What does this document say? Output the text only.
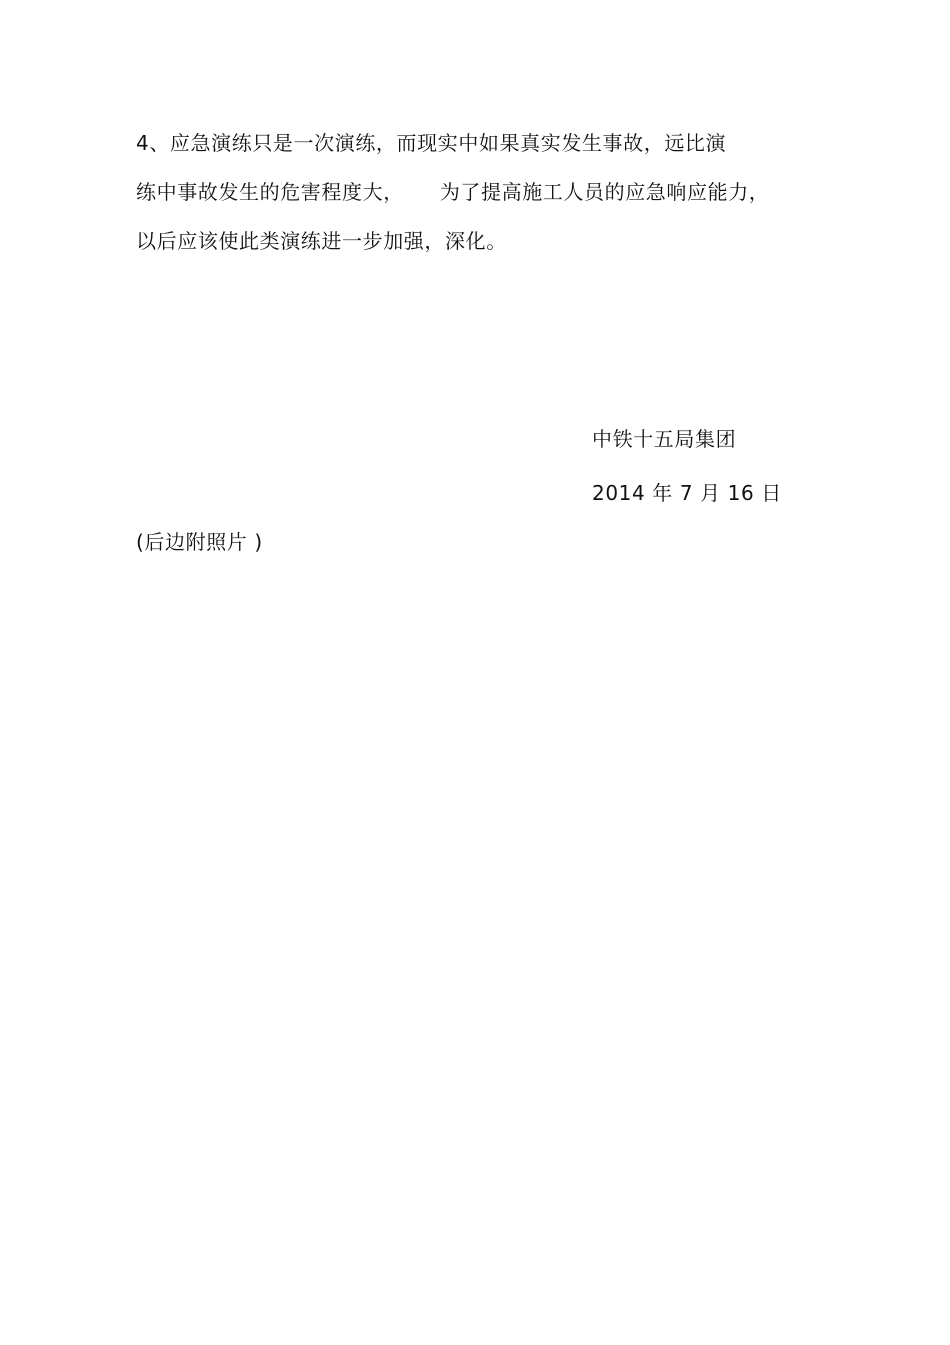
4、应急演练只是一次演练，而现实中如果真实发生事故，远比演
练中事故发生的危害程度大， 为了提高施工人员的应急响应能力，
以后应该使此类演练进一步加强，深化。
中铁十五局集团
2014 年 7 月 16 日
(后边附照片 )
